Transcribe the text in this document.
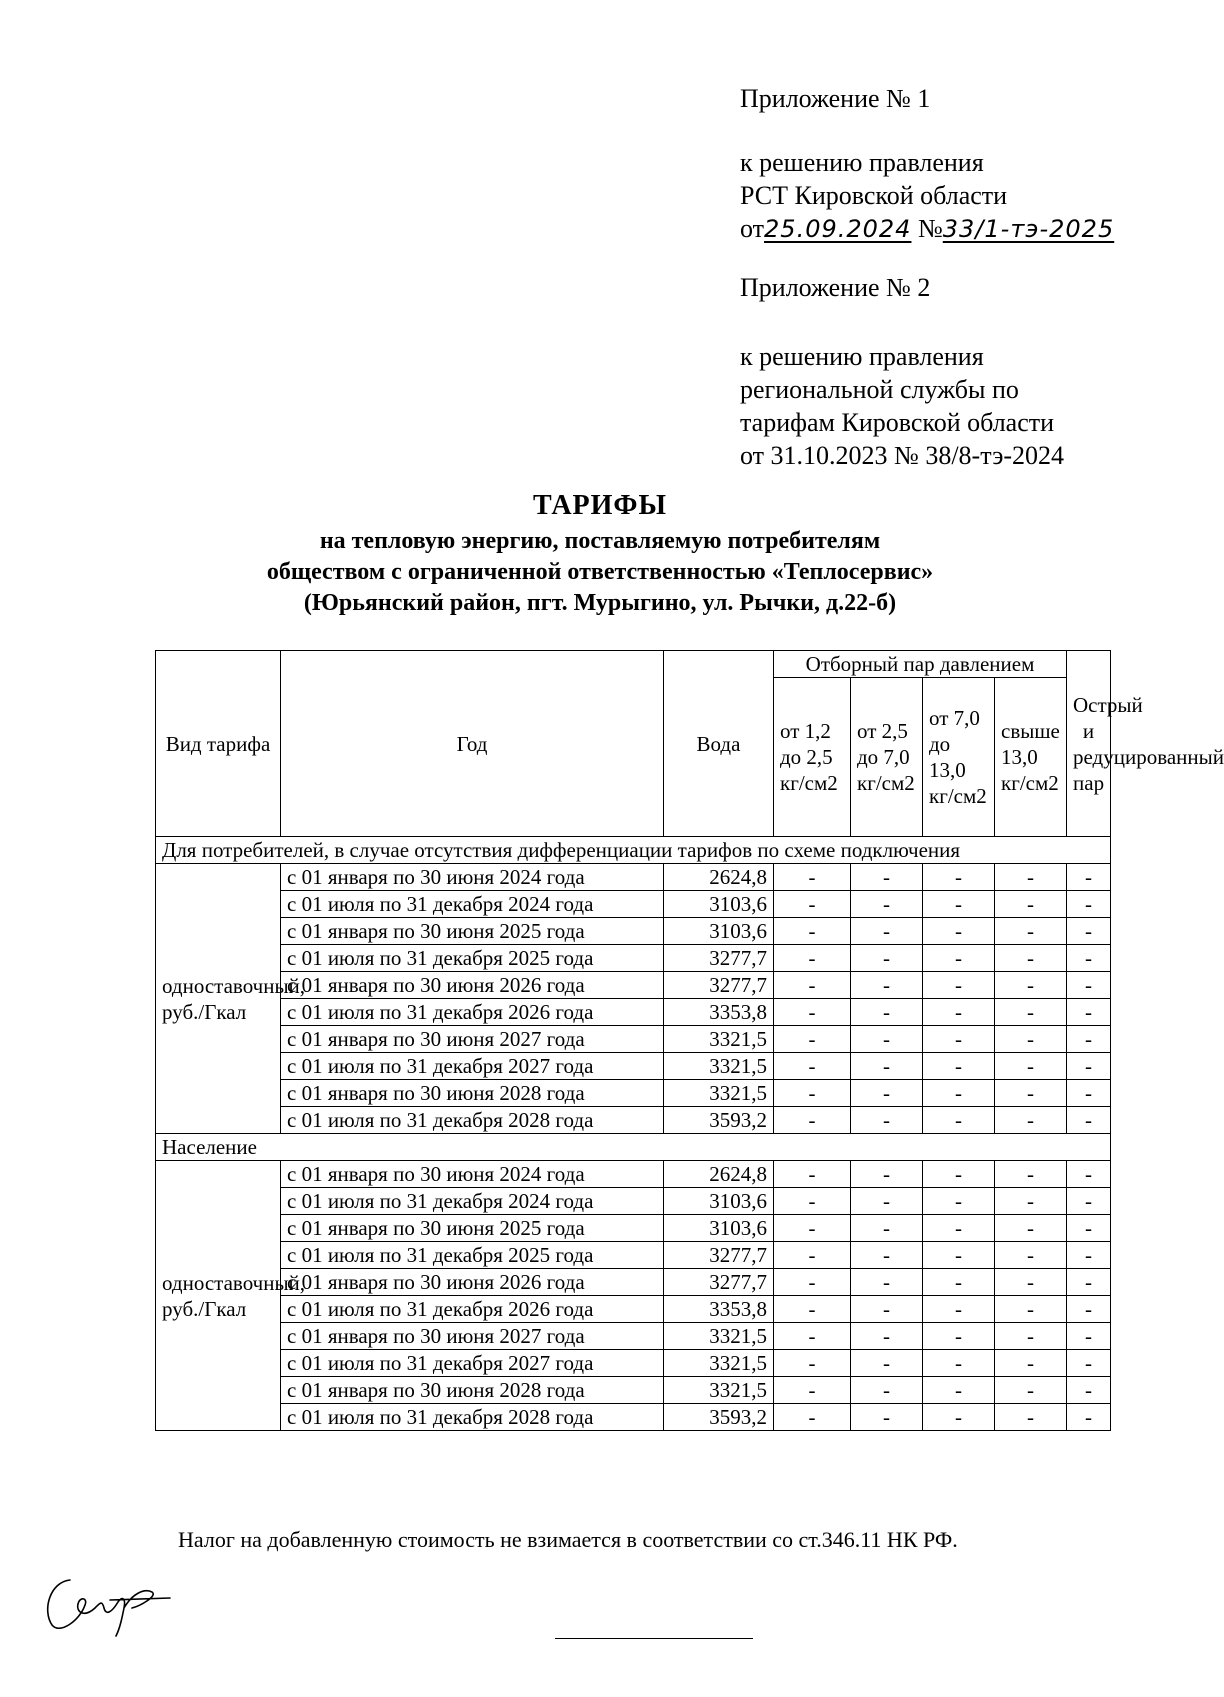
Приложение № 1
к решению правления
РСТ Кировской области
от25.09.2024 №33/1-тэ-2025
Приложение № 2
к решению правления
региональной службы по
тарифам Кировской области
от 31.10.2023 № 38/8-тэ-2024
ТАРИФЫ
на тепловую энергию, поставляемую потребителям
обществом с ограниченной ответственностью «Теплосервис»
(Юрьянский район, пгт. Мурыгино, ул. Рычки, д.22-б)
Вид тарифа	Год	Вода	Отборный пар давлением				Острый и редуцированный пар
			от 1,2 до 2,5 кг/см2	от 2,5 до 7,0 кг/см2	от 7,0 до 13,0 кг/см2	свыше 13,0 кг/см2	
Для потребителей, в случае отсутствия дифференциации тарифов по схеме подключения							
одноставочный, руб./Гкал	с 01 января по 30 июня 2024 года	2624,8	-	-	-	-	-
	с 01 июля по 31 декабря 2024 года	3103,6	-	-	-	-	-
	с 01 января по 30 июня 2025 года	3103,6	-	-	-	-	-
	с 01 июля по 31 декабря 2025 года	3277,7	-	-	-	-	-
	с 01 января по 30 июня 2026 года	3277,7	-	-	-	-	-
	с 01 июля по 31 декабря 2026 года	3353,8	-	-	-	-	-
	с 01 января по 30 июня 2027 года	3321,5	-	-	-	-	-
	с 01 июля по 31 декабря 2027 года	3321,5	-	-	-	-	-
	с 01 января по 30 июня 2028 года	3321,5	-	-	-	-	-
	с 01 июля по 31 декабря 2028 года	3593,2	-	-	-	-	-
Население							
одноставочный, руб./Гкал	с 01 января по 30 июня 2024 года	2624,8	-	-	-	-	-
	с 01 июля по 31 декабря 2024 года	3103,6	-	-	-	-	-
	с 01 января по 30 июня 2025 года	3103,6	-	-	-	-	-
	с 01 июля по 31 декабря 2025 года	3277,7	-	-	-	-	-
	с 01 января по 30 июня 2026 года	3277,7	-	-	-	-	-
	с 01 июля по 31 декабря 2026 года	3353,8	-	-	-	-	-
	с 01 января по 30 июня 2027 года	3321,5	-	-	-	-	-
	с 01 июля по 31 декабря 2027 года	3321,5	-	-	-	-	-
	с 01 января по 30 июня 2028 года	3321,5	-	-	-	-	-
	с 01 июля по 31 декабря 2028 года	3593,2	-	-	-	-	-
Налог на добавленную стоимость не взимается в соответствии со ст.346.11 НК РФ.
